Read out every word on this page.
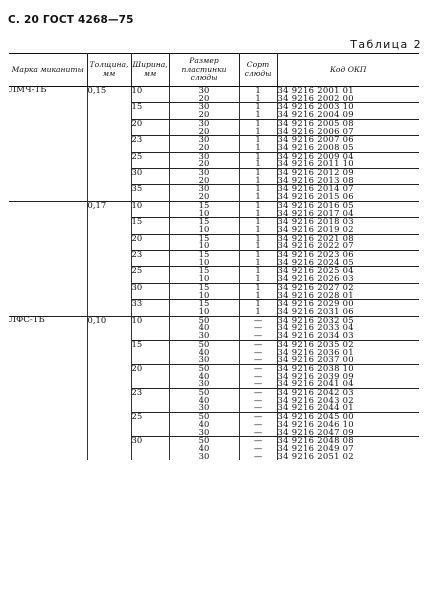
С. 20 ГОСТ 4268—75
Таблица 2
Марка миканиты	Толщина, мм	Ширина, мм	Размер пластинки слюды	Сорт слюды	Код ОКП
ЛМЧ-ТБ	0,15	10	30	1	34 9216 2001 01
			20	1	34 9216 2002 00
		15	30	1	34 9216 2003 10
			20	1	34 9216 2004 09
		20	30	1	34 9216 2005 08
			20	1	34 9216 2006 07
		23	30	1	34 9216 2007 06
			20	1	34 9216 2008 05
		25	30	1	34 9216 2009 04
			20	1	34 9216 2011 10
		30	30	1	34 9216 2012 09
			20	1	34 9216 2013 08
		35	30	1	34 9216 2014 07
			20	1	34 9216 2015 06
	0,17	10	15	1	34 9216 2016 05
			10	1	34 9216 2017 04
		15	15	1	34 9216 2018 03
			10	1	34 9216 2019 02
		20	15	1	34 9216 2021 08
			10	1	34 9216 2022 07
		23	15	1	34 9216 2023 06
			10	1	34 9216 2024 05
		25	15	1	34 9216 2025 04
			10	1	34 9216 2026 03
		30	15	1	34 9216 2027 02
			10	1	34 9216 2028 01
		33	15	1	34 9216 2029 00
			10	1	34 9216 2031 06
ЛФС-ТБ	0,10	10	50	—	34 9216 2032 05
			40	—	34 9216 2033 04
			30	—	34 9216 2034 03
		15	50	—	34 9216 2035 02
			40	—	34 9216 2036 01
			30	—	34 9216 2037 00
		20	50	—	34 9216 2038 10
			40	—	34 9216 2039 09
			30	—	34 9216 2041 04
		23	50	—	34 9216 2042 03
			40	—	34 9216 2043 02
			30	—	34 9216 2044 01
		25	50	—	34 9216 2045 00
			40	—	34 9216 2046 10
			30	—	34 9216 2047 09
		30	50	—	34 9216 2048 08
			40	—	34 9216 2049 07
			30	—	34 9216 2051 02
